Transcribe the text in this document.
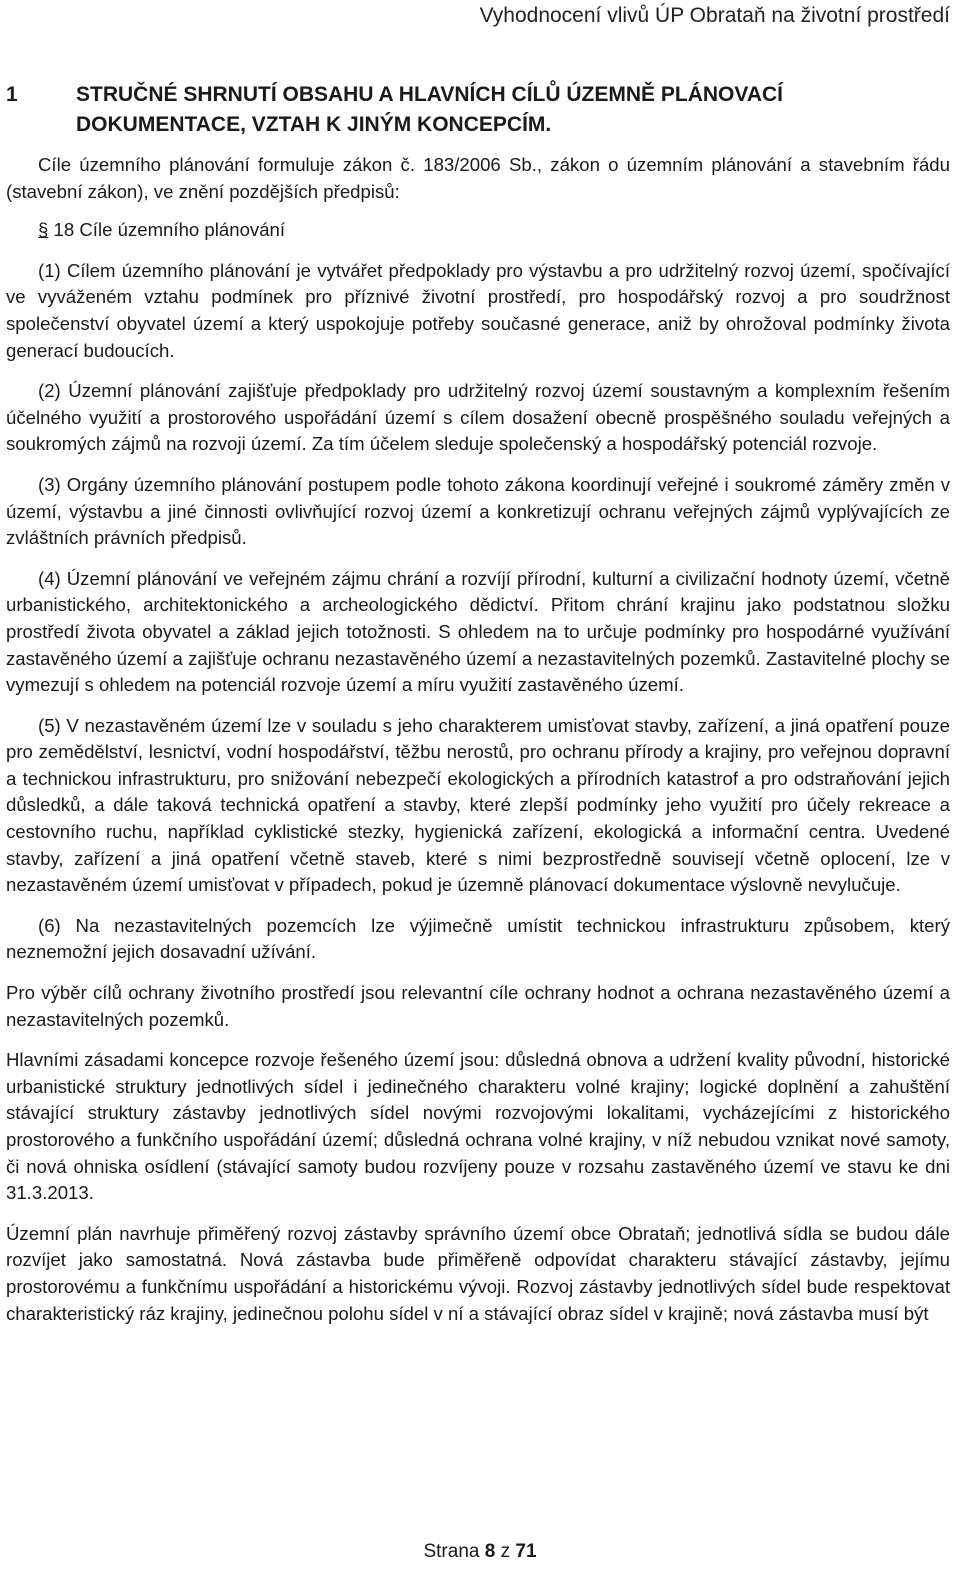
Vyhodnocení vlivů ÚP Obrataň na životní prostředí
1	STRUČNÉ SHRNUTÍ OBSAHU A HLAVNÍCH CÍLŮ ÚZEMNĚ PLÁNOVACÍ DOKUMENTACE, VZTAH K JINÝM KONCEPCÍM.

Cíle územního plánování formuluje zákon č. 183/2006 Sb., zákon o územním plánování a stavebním řádu (stavební zákon), ve znění pozdějších předpisů:

§ 18 Cíle územního plánování

(1) Cílem územního plánování je vytvářet předpoklady pro výstavbu a pro udržitelný rozvoj území, spočívající ve vyváženém vztahu podmínek pro příznivé životní prostředí, pro hospodářský rozvoj a pro soudržnost společenství obyvatel území a který uspokojuje potřeby současné generace, aniž by ohrožoval podmínky života generací budoucích.

(2) Územní plánování zajišťuje předpoklady pro udržitelný rozvoj území soustavným a komplexním řešením účelného využití a prostorového uspořádání území s cílem dosažení obecně prospěšného souladu veřejných a soukromých zájmů na rozvoji území. Za tím účelem sleduje společenský a hospodářský potenciál rozvoje.

(3) Orgány územního plánování postupem podle tohoto zákona koordinují veřejné i soukromé záměry změn v území, výstavbu a jiné činnosti ovlivňující rozvoj území a konkretizují ochranu veřejných zájmů vyplývajících ze zvláštních právních předpisů.

(4) Územní plánování ve veřejném zájmu chrání a rozvíjí přírodní, kulturní a civilizační hodnoty území, včetně urbanistického, architektonického a archeologického dědictví. Přitom chrání krajinu jako podstatnou složku prostředí života obyvatel a základ jejich totožnosti. S ohledem na to určuje podmínky pro hospodárné využívání zastavěného území a zajišťuje ochranu nezastavěného území a nezastavitelných pozemků. Zastavitelné plochy se vymezují s ohledem na potenciál rozvoje území a míru využití zastavěného území.

(5) V nezastavěném území lze v souladu s jeho charakterem umisťovat stavby, zařízení, a jiná opatření pouze pro zemědělství, lesnictví, vodní hospodářství, těžbu nerostů, pro ochranu přírody a krajiny, pro veřejnou dopravní a technickou infrastrukturu, pro snižování nebezpečí ekologických a přírodních katastrof a pro odstraňování jejich důsledků, a dále taková technická opatření a stavby, které zlepší podmínky jeho využití pro účely rekreace a cestovního ruchu, například cyklistické stezky, hygienická zařízení, ekologická a informační centra. Uvedené stavby, zařízení a jiná opatření včetně staveb, které s nimi bezprostředně souvisejí včetně oplocení, lze v nezastavěném území umisťovat v případech, pokud je územně plánovací dokumentace výslovně nevylučuje.

(6) Na nezastavitelných pozemcích lze výjimečně umístit technickou infrastrukturu způsobem, který neznemožní jejich dosavadní užívání.

Pro výběr cílů ochrany životního prostředí jsou relevantní cíle ochrany hodnot a ochrana nezastavěného území a nezastavitelných pozemků.

Hlavními zásadami koncepce rozvoje řešeného území jsou: důsledná obnova a udržení kvality původní, historické urbanistické struktury jednotlivých sídel i jedinečného charakteru volné krajiny; logické doplnění a zahuštění stávající struktury zástavby jednotlivých sídel novými rozvojovými lokalitami, vycházejícími z historického prostorového a funkčního uspořádání území; důsledná ochrana volné krajiny, v níž nebudou vznikat nové samoty, či nová ohniska osídlení (stávající samoty budou rozvíjeny pouze v rozsahu zastavěného území ve stavu ke dni 31.3.2013.

Územní plán navrhuje přiměřený rozvoj zástavby správního území obce Obrataň; jednotlivá sídla se budou dále rozvíjet jako samostatná. Nová zástavba bude přiměřeně odpovídat charakteru stávající zástavby, jejímu prostorovému a funkčnímu uspořádání a historickému vývoji. Rozvoj zástavby jednotlivých sídel bude respektovat charakteristický ráz krajiny, jedinečnou polohu sídel v ní a stávající obraz sídel v krajině; nová zástavba musí být

Strana 8 z 71
